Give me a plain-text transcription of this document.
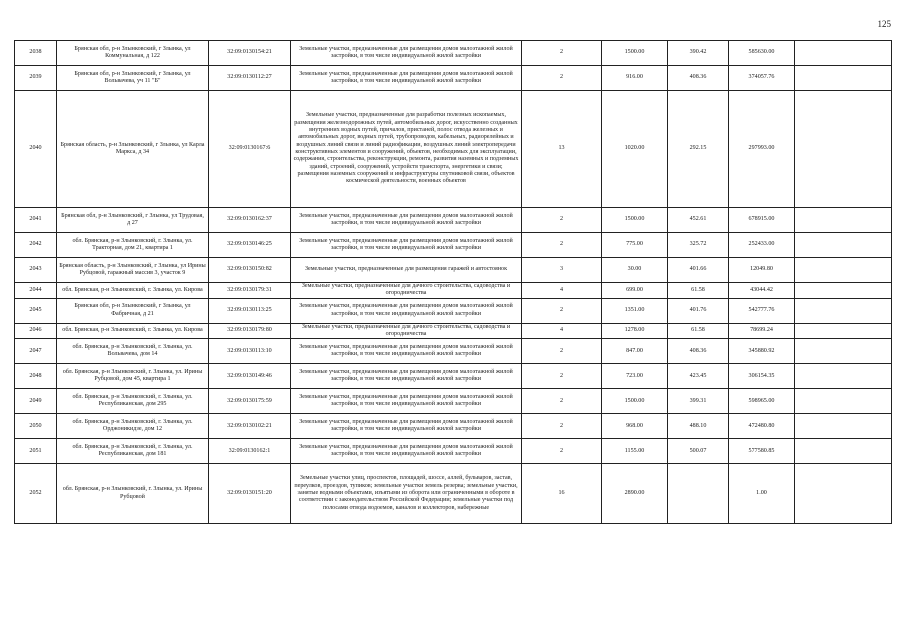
125
2038	Брянская обл, р-н Злынковский, г Злынка, ул Коммунальная, д 122	32:09:0130154:21	Земельные участки, предназначенные для размещения домов малоэтажной жилой застройки, в том числе индивидуальной жилой застройки	2	1500.00	390.42	585630.00	
2039	Брянская обл, р-н Злынковский, г Злынка, ул Вольвачева, уч 11 "Б"	32:09:0130112:27	Земельные участки, предназначенные для размещения домов малоэтажной жилой застройки, в том числе индивидуальной жилой застройки	2	916.00	408.36	374057.76	
2040	Брянская область, р-н Злынковский, г Злынка, ул Карла Маркса, д 34	32:09:0130167:6	Земельные участки, предназначенные для разработки полезных ископаемых, размещения железнодорожных путей, автомобильных дорог, искусственно созданных внутренних водных путей, причалов, пристаней, полос отвода железных и автомобильных дорог, водных путей, трубопроводов, кабельных, радиорелейных и воздушных линий связи и линий радиофикации, воздушных линий электропередачи конструктивных элементов и сооружений, объектов, необходимых для эксплуатации, содержания, строительства, реконструкции, ремонта, развития наземных и подземных зданий, строений, сооружений, устройств транспорта, энергетики и связи; размещения наземных сооружений и инфраструктуры спутниковой связи, объектов космической деятельности, военных объектов	13	1020.00	292.15	297993.00	
2041	Брянская обл, р-н Злынковский, г Злынка, ул Трудовая, д 27	32:09:0130162:37	Земельные участки, предназначенные для размещения домов малоэтажной жилой застройки, в том числе индивидуальной жилой застройки	2	1500.00	452.61	678915.00	
2042	обл. Брянская, р-н Злынковский, г. Злынка, ул. Тракторная, дом 21, квартира 1	32:09:0130146:25	Земельные участки, предназначенные для размещения домов малоэтажной жилой застройки, в том числе индивидуальной жилой застройки	2	775.00	325.72	252433.00	
2043	Брянская область, р-н Злынковский, г Злынка, ул Ирины Рубцовой, гаражный массив 3, участок 9	32:09:0130150:82	Земельные участки, предназначенные для размещения гаражей и автостоянок	3	30.00	401.66	12049.80	
2044	обл. Брянская, р-н Злынковский, г. Злынка, ул. Кирова	32:09:0130179:31	Земельные участки, предназначенные для дачного строительства, садоводства и огородничества	4	699.00	61.58	43044.42	
2045	Брянская обл, р-н Злынковский, г Злынка, ул Фабричная, д 21	32:09:0130113:25	Земельные участки, предназначенные для размещения домов малоэтажной жилой застройки, в том числе индивидуальной жилой застройки	2	1351.00	401.76	542777.76	
2046	обл. Брянская, р-н Злынковский, г. Злынка, ул. Кирова	32:09:0130179:80	Земельные участки, предназначенные для дачного строительства, садоводства и огородничества	4	1278.00	61.58	78699.24	
2047	обл. Брянская, р-н Злынковский, г. Злынка, ул. Вольвачева, дом 14	32:09:0130113:10	Земельные участки, предназначенные для размещения домов малоэтажной жилой застройки, в том числе индивидуальной жилой застройки	2	847.00	408.36	345880.92	
2048	обл. Брянская, р-н Злынковский, г. Злынка, ул. Ирины Рубцовой, дом 45, квартира 1	32:09:0130149:46	Земельные участки, предназначенные для размещения домов малоэтажной жилой застройки, в том числе индивидуальной жилой застройки	2	723.00	423.45	306154.35	
2049	обл. Брянская, р-н Злынковский, г. Злынка, ул. Республиканская, дом 295	32:09:0130175:59	Земельные участки, предназначенные для размещения домов малоэтажной жилой застройки, в том числе индивидуальной жилой застройки	2	1500.00	399.31	598965.00	
2050	обл. Брянская, р-н Злынковский, г. Злынка, ул. Орджоникидзе, дом 12	32:09:0130102:21	Земельные участки, предназначенные для размещения домов малоэтажной жилой застройки, в том числе индивидуальной жилой застройки	2	968.00	488.10	472480.80	
2051	обл. Брянская, р-н Злынковский, г. Злынка, ул. Республиканская, дом 181	32:09:0130162:1	Земельные участки, предназначенные для размещения домов малоэтажной жилой застройки, в том числе индивидуальной жилой застройки	2	1155.00	500.07	577580.85	
2052	обл. Брянская, р-н Злынковский, г. Злынка, ул. Ирины Рубцовой	32:09:0130151:20	Земельные участки улиц, проспектов, площадей, шоссе, аллей, бульваров, застав, переулков, проездов, тупиков; земельные участки земель резерва; земельные участки, занятые водными объектами, изъятыми из оборота или ограниченными в обороте в соответствии с законодательством Российской Федерации; земельные участки под полосами отвода водоемов, каналов и коллекторов, набережные	16	2890.00		1.00	
